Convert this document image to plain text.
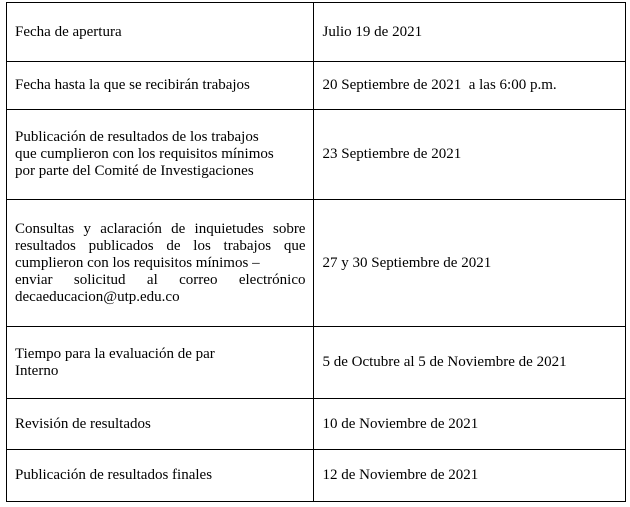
Fecha de apertura	Julio 19 de 2021

Fecha hasta la que se recibirán trabajos	20 Septiembre de 2021  a las 6:00 p.m.

Publicación de resultados de los trabajos
que cumplieron con los requisitos mínimos
por parte del Comité de Investigaciones	23 Septiembre de 2021

Consultas y aclaración de inquietudes sobre
resultados publicados de los trabajos que
cumplieron con los requisitos mínimos –
enviar solicitud al correo electrónico
decaeducacion@utp.edu.co	27 y 30 Septiembre de 2021

Tiempo para la evaluación de par
Interno	5 de Octubre al 5 de Noviembre de 2021

Revisión de resultados	10 de Noviembre de 2021

Publicación de resultados finales	12 de Noviembre de 2021
